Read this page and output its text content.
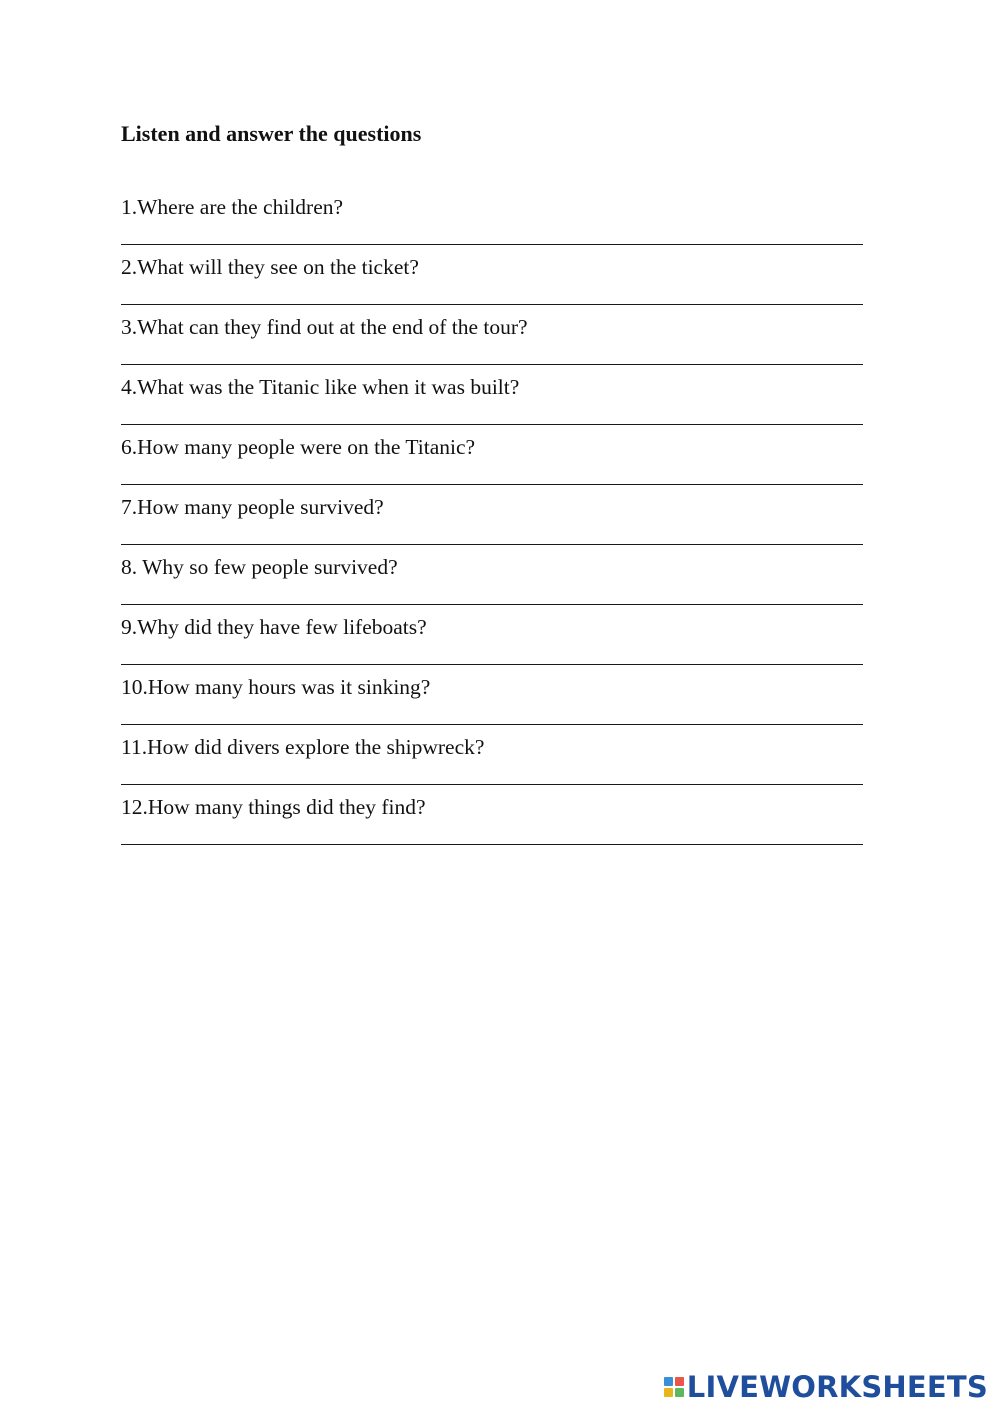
Listen and answer the questions
1.Where are the children?
2.What will they see on the ticket?
3.What can they find out at the end of the tour?
4.What was the Titanic like when it was built?
6.How many people were on the Titanic?
7.How many people survived?
8. Why so few people survived?
9.Why did they have few lifeboats?
10.How many hours was it sinking?
11.How did divers explore the shipwreck?
12.How many things did they find?
LIVEWORKSHEETS
